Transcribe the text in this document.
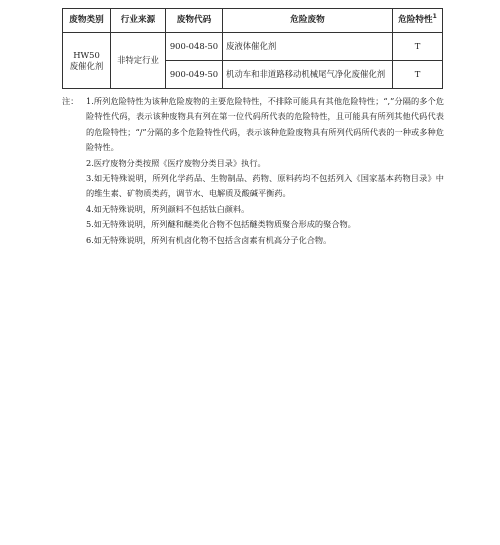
废物类别	行业来源	废物代码	危险废物	危险特性$^1$

HW50
废催化剂	非特定行业	900-048-50	废液体催化剂	T
		900-049-50	机动车和非道路移动机械尾气净化废催化剂	T
注： 1.所列危险特性为该种危险废物的主要危险特性，不排除可能具有其他危险特性；“,”分隔的多个危险特性代码，表示该种废物具有列在第一位代码所代表的危险特性，且可能具有所列其他代码代表的危险特性；“/”分隔的多个危险特性代码，表示该种危险废物具有所列代码所代表的一种或多种危险特性。
2.医疗废物分类按照《医疗废物分类目录》执行。
3.如无特殊说明，所列化学药品、生物制品、药物、原料药均不包括列入《国家基本药物目录》中的维生素、矿物质类药，调节水、电解质及酸碱平衡药。
4.如无特殊说明，所列颜料不包括钛白颜料。
5.如无特殊说明，所列醚和醚类化合物不包括醚类物质聚合形成的聚合物。
6.如无特殊说明，所列有机卤化物不包括含卤素有机高分子化合物。
